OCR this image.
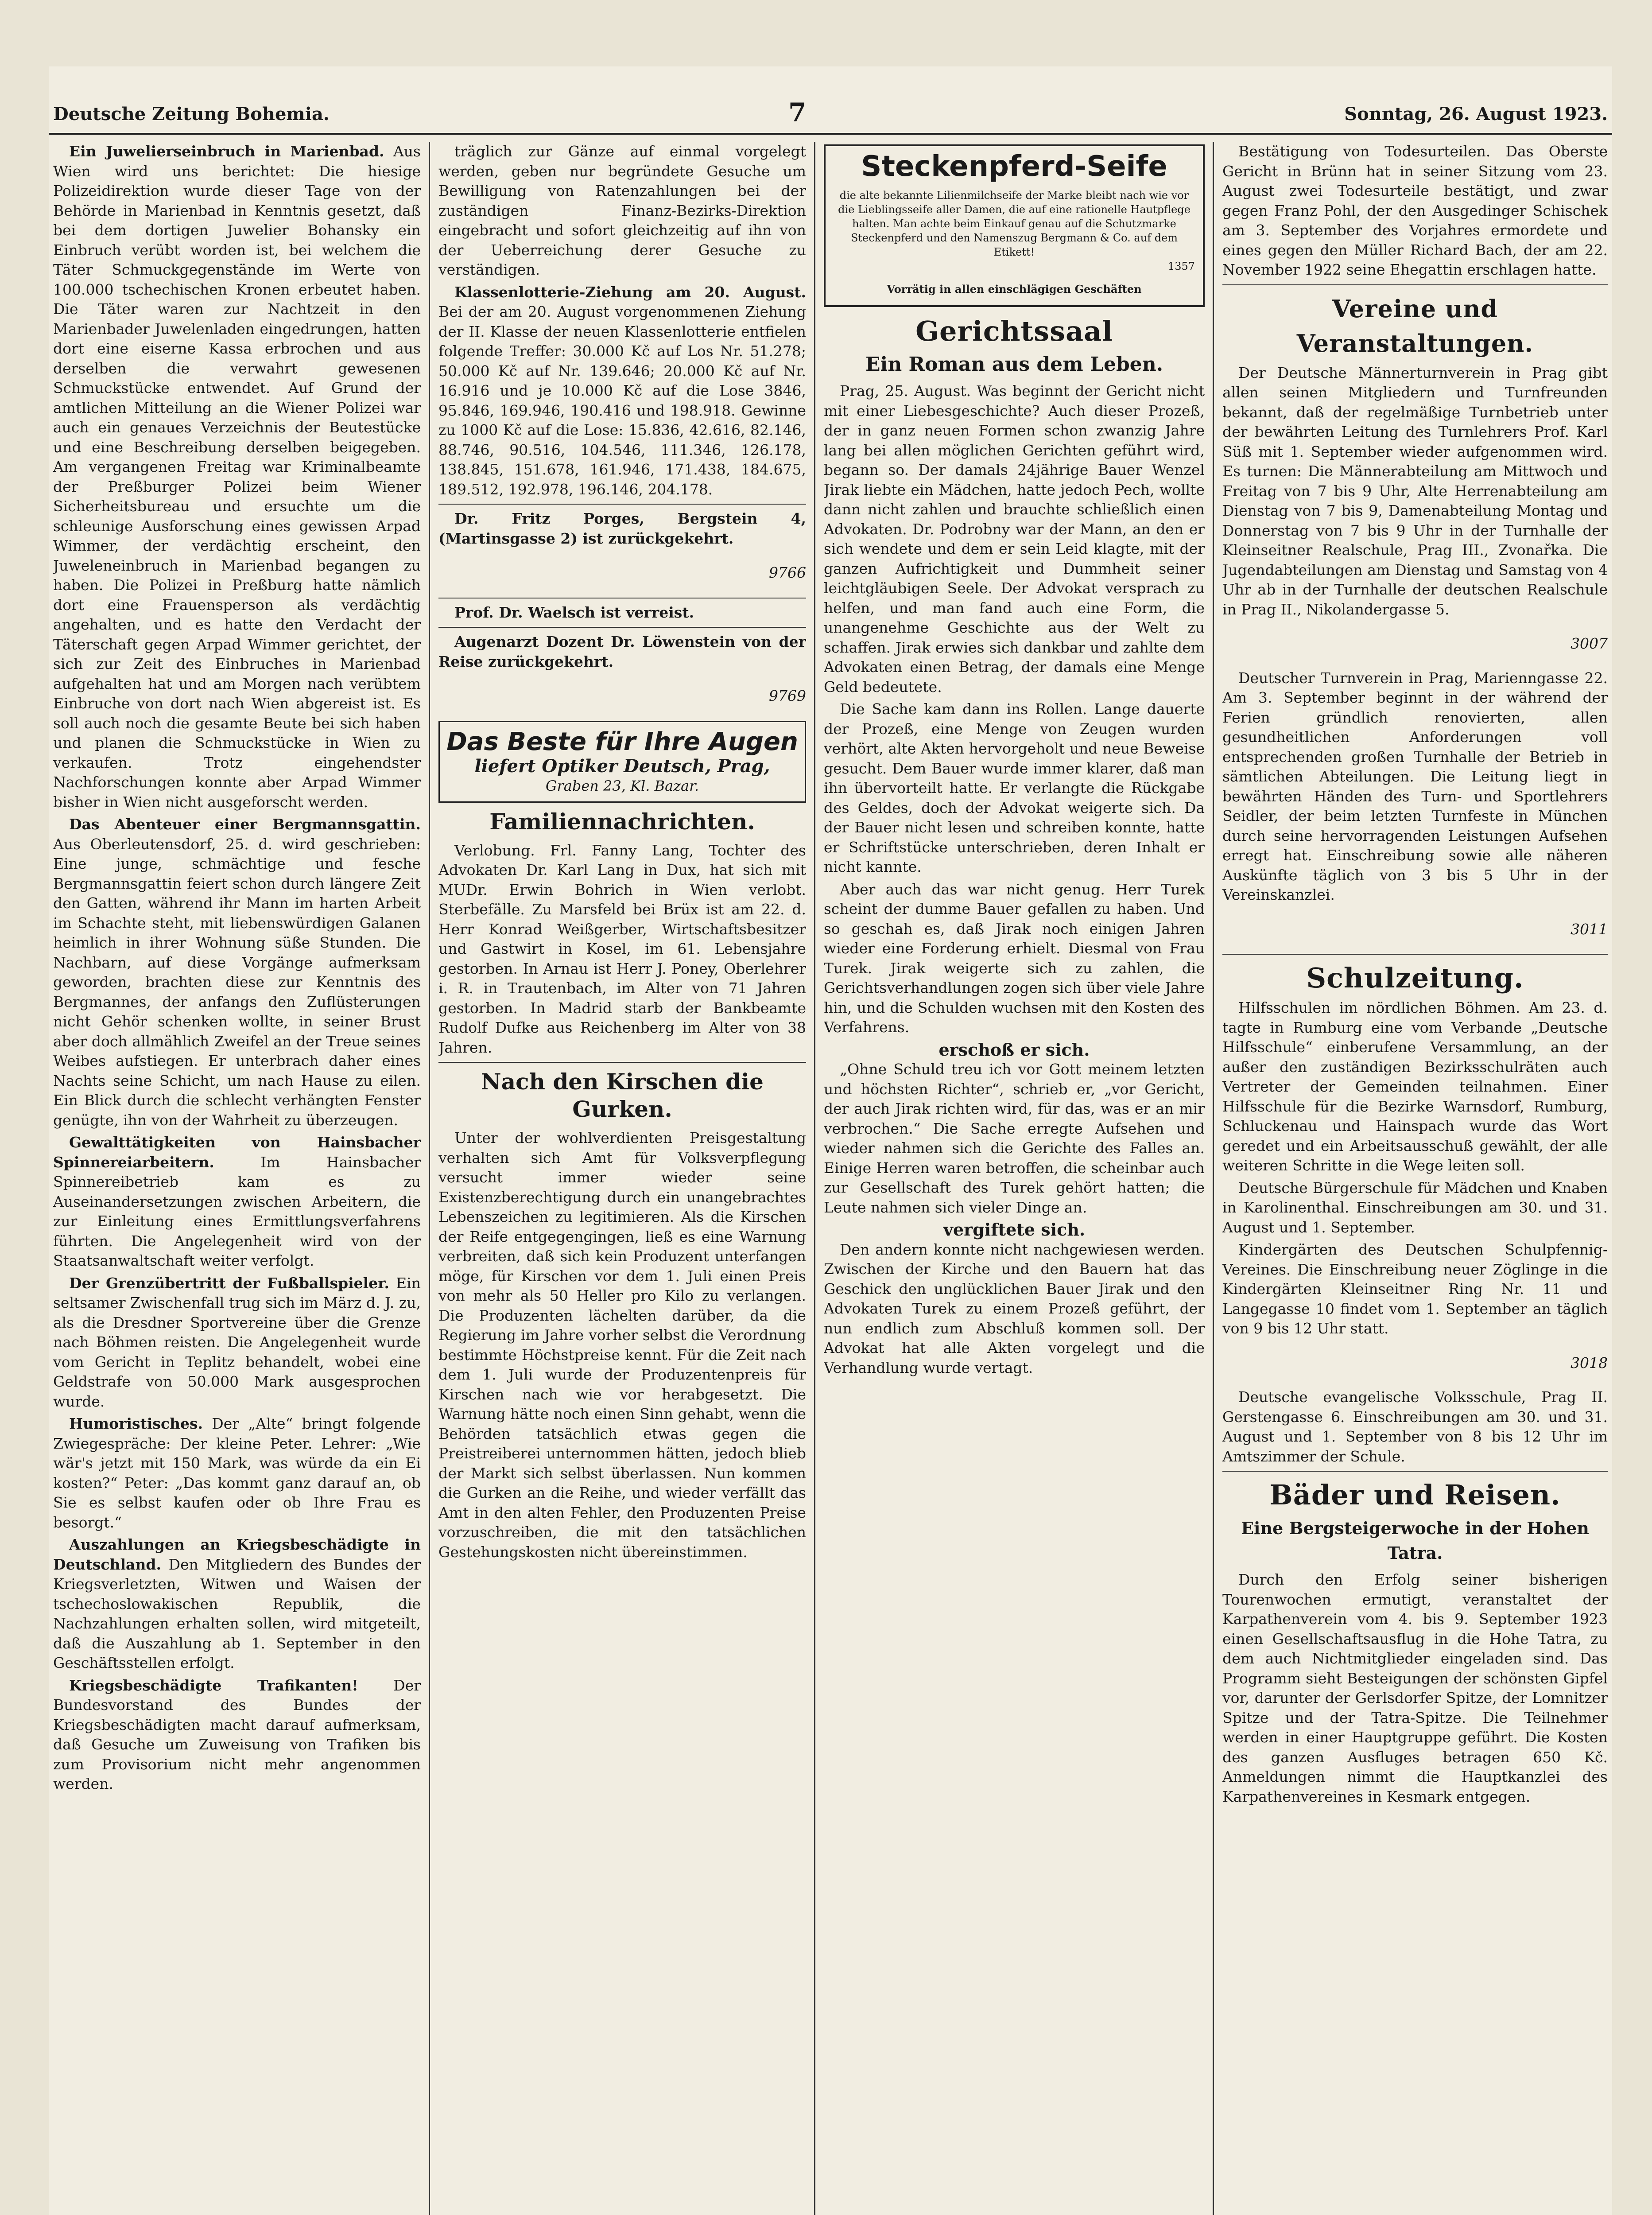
Deutsche Zeitung Bohemia.	7	Sonntag, 26. August 1923.

Ein Juwelierseinbruch in Marienbad. Aus Wien wird uns berichtet: Die hiesige Polizeidirektion wurde dieser Tage von der Behörde in Marienbad in Kenntnis gesetzt, daß bei dem dortigen Juwelier Bohansky ein Einbruch verübt worden ist, bei welchem die Täter Schmuckgegenstände im Werte von 100.000 tschechischen Kronen erbeutet haben. Die Täter waren zur Nachtzeit in den Marienbader Juwelenladen eingedrungen, hatten dort eine eiserne Kassa erbrochen und aus derselben die verwahrt gewesenen Schmuckstücke entwendet. Auf Grund der amtlichen Mitteilung an die Wiener Polizei war auch ein genaues Verzeichnis der Beutestücke und eine Beschreibung derselben beigegeben. Am vergangenen Freitag war Kriminalbeamte der Preßburger Polizei beim Wiener Sicherheitsbureau und ersuchte um die schleunige Ausforschung eines gewissen Arpad Wimmer, der verdächtig erscheint, den Juweleneinbruch in Marienbad begangen zu haben. Die Polizei in Preßburg hatte nämlich dort eine Frauensperson als verdächtig angehalten, und es hatte den Verdacht der Täterschaft gegen Arpad Wimmer gerichtet, der sich zur Zeit des Einbruches in Marienbad aufgehalten hat und am Morgen nach verübtem Einbruche von dort nach Wien abgereist ist. Es soll auch noch die gesamte Beute bei sich haben und planen die Schmuckstücke in Wien zu verkaufen. Trotz eingehendster Nachforschungen konnte aber Arpad Wimmer bisher in Wien nicht ausgeforscht werden.

Das Abenteuer einer Bergmannsgattin. Aus Oberleutensdorf, 25. d. wird geschrieben: Eine junge, schmächtige und fesche Bergmannsgattin feiert schon durch längere Zeit den Gatten, während ihr Mann im harten Arbeit im Schachte steht, mit liebenswürdigen Galanen heimlich in ihrer Wohnung süße Stunden. Die Nachbarn, auf diese Vorgänge aufmerksam geworden, brachten diese zur Kenntnis des Bergmannes, der anfangs den Zuflüsterungen nicht Gehör schenken wollte, in seiner Brust aber doch allmählich Zweifel an der Treue seines Weibes aufstiegen. Er unterbrach daher eines Nachts seine Schicht, um nach Hause zu eilen. Ein Blick durch die schlecht verhängten Fenster genügte, ihn von der Wahrheit zu überzeugen.

Gewalttätigkeiten von Hainsbacher Spinnereiarbeitern.	Im Hainsbacher Spinnereibetrieb kam es zu Auseinandersetzungen zwischen Arbeitern, die zur Einleitung eines Ermittlungsverfahrens führten. Die Angelegenheit wird von der Staatsanwaltschaft weiter verfolgt.

Der Grenzübertritt der Fußballspieler. Ein seltsamer Zwischenfall trug sich im März d. J. zu, als die Dresdner Sportvereine über die Grenze nach Böhmen reisten. Die Angelegenheit wurde vom Gericht in Teplitz behandelt, wobei eine Geldstrafe von 50.000 Mark ausgesprochen wurde.

Humoristisches. Der „Alte“ bringt folgende Zwiegespräche: Der kleine Peter. Lehrer: „Wie wär's jetzt mit 150 Mark, was würde da ein Ei kosten?“ Peter: „Das kommt ganz darauf an, ob Sie es selbst kaufen oder ob Ihre Frau es besorgt.“

Auszahlungen an Kriegsbeschädigte in Deutschland. Den Mitgliedern des Bundes der Kriegsverletzten, Witwen und Waisen der tschechoslowakischen Republik, die Nachzahlungen erhalten sollen, wird mitgeteilt, daß die Auszahlung ab 1. September in den Geschäftsstellen erfolgt.

Kriegsbeschädigte Trafikanten! Der Bundesvorstand des Bundes der Kriegsbeschädigten macht darauf aufmerksam, daß Gesuche um Zuweisung von Trafiken bis zum Provisorium nicht mehr angenommen werden.

träglich zur Gänze auf einmal vorgelegt werden, geben nur begründete Gesuche um Bewilligung von Ratenzahlungen bei der zuständigen Finanz-Bezirks-Direktion eingebracht und sofort gleichzeitig auf ihn von der Ueberreichung derer Gesuche zu verständigen.

Klassenlotterie-Ziehung am 20. August. Bei der am 20. August vorgenommenen Ziehung der II. Klasse der neuen Klassenlotterie entfielen folgende Treffer: 30.000 Kč auf Los Nr. 51.278; 50.000 Kč auf Nr. 139.646; 20.000 Kč auf Nr. 16.916 und je 10.000 Kč auf die Lose 3846, 95.846, 169.946, 190.416 und 198.918. Gewinne zu 1000 Kč auf die Lose: 15.836, 42.616, 82.146, 88.746, 90.516, 104.546, 111.346, 126.178, 138.845, 151.678, 161.946, 171.438, 184.675, 189.512, 192.978, 196.146, 204.178.

Dr. Fritz Porges, Bergstein 4, (Martinsgasse 2) ist zurückgekehrt.

9766

Prof. Dr. Waelsch ist verreist.

Augenarzt Dozent Dr. Löwenstein von der Reise zurückgekehrt.

9769

Das Beste für Ihre Augen
liefert Optiker Deutsch, Prag,
Graben 23, Kl. Bazar.
Familiennachrichten.

Verlobung. Frl. Fanny Lang, Tochter des Advokaten Dr. Karl Lang in Dux, hat sich mit MUDr. Erwin Bohrich in Wien verlobt. Sterbefälle. Zu Marsfeld bei Brüx ist am 22. d. Herr Konrad Weißgerber, Wirtschaftsbesitzer und Gastwirt in Kosel, im 61. Lebensjahre gestorben. In Arnau ist Herr J. Poney, Oberlehrer i. R. in Trautenbach, im Alter von 71 Jahren gestorben. In Madrid starb der Bankbeamte Rudolf Dufke aus Reichenberg im Alter von 38 Jahren.

Nach den Kirschen die Gurken.

Unter der wohlverdienten Preisgestaltung verhalten sich Amt für Volksverpflegung versucht immer wieder seine Existenzberechtigung durch ein unangebrachtes Lebenszeichen zu legitimieren. Als die Kirschen der Reife entgegengingen, ließ es eine Warnung verbreiten, daß sich kein Produzent unterfangen möge, für Kirschen vor dem 1. Juli einen Preis von mehr als 50 Heller pro Kilo zu verlangen. Die Produzenten lächelten darüber, da die Regierung im Jahre vorher selbst die Verordnung bestimmte Höchstpreise kennt. Für die Zeit nach dem 1. Juli wurde der Produzentenpreis für Kirschen nach wie vor herabgesetzt. Die Warnung hätte noch einen Sinn gehabt, wenn die Behörden tatsächlich etwas gegen die Preistreiberei unternommen hätten, jedoch blieb der Markt sich selbst überlassen. Nun kommen die Gurken an die Reihe, und wieder verfällt das Amt in den alten Fehler, den Produzenten Preise vorzuschreiben, die mit den tatsächlichen Gestehungskosten nicht übereinstimmen.

Steckenpferd-Seife
die alte bekannte Lilienmilchseife der Marke bleibt nach wie vor die Lieblingsseife aller Damen, die auf eine rationelle Hautpflege halten. Man achte beim Einkauf genau auf die Schutzmarke Steckenpferd und den Namenszug Bergmann & Co. auf dem Etikett!
1357
Vorrätig in allen einschlägigen Geschäften
Gerichtssaal
Ein Roman aus dem Leben.

Prag, 25. August. Was beginnt der Gericht nicht mit einer Liebesgeschichte? Auch dieser Prozeß, der in ganz neuen Formen schon zwanzig Jahre lang bei allen möglichen Gerichten geführt wird, begann so. Der damals 24jährige Bauer Wenzel Jirak liebte ein Mädchen, hatte jedoch Pech, wollte dann nicht zahlen und brauchte schließlich einen Advokaten. Dr. Podrobny war der Mann, an den er sich wendete und dem er sein Leid klagte, mit der ganzen Aufrichtigkeit und Dummheit seiner leichtgläubigen Seele. Der Advokat versprach zu helfen, und man fand auch eine Form, die unangenehme Geschichte aus der Welt zu schaffen. Jirak erwies sich dankbar und zahlte dem Advokaten einen Betrag, der damals eine Menge Geld bedeutete.

Die Sache kam dann ins Rollen. Lange dauerte der Prozeß, eine Menge von Zeugen wurden verhört, alte Akten hervorgeholt und neue Beweise gesucht. Dem Bauer wurde immer klarer, daß man ihn übervorteilt hatte. Er verlangte die Rückgabe des Geldes, doch der Advokat weigerte sich. Da der Bauer nicht lesen und schreiben konnte, hatte er Schriftstücke unterschrieben, deren Inhalt er nicht kannte.

Aber auch das war nicht genug. Herr Turek scheint der dumme Bauer gefallen zu haben. Und so geschah es, daß Jirak noch einigen Jahren wieder eine Forderung erhielt. Diesmal von Frau Turek. Jirak weigerte sich zu zahlen, die Gerichtsverhandlungen zogen sich über viele Jahre hin, und die Schulden wuchsen mit den Kosten des Verfahrens.

erschoß er sich.

„Ohne Schuld treu ich vor Gott meinem letzten und höchsten Richter“, schrieb er, „vor Gericht, der auch Jirak richten wird, für das, was er an mir verbrochen.“ Die Sache erregte Aufsehen und wieder nahmen sich die Gerichte des Falles an. Einige Herren waren betroffen, die scheinbar auch zur Gesellschaft des Turek gehört hatten; die Leute nahmen sich vieler Dinge an.

vergiftete sich.

Den andern konnte nicht nachgewiesen werden. Zwischen der Kirche und den Bauern hat das Geschick den unglücklichen Bauer Jirak und den Advokaten Turek zu einem Prozeß geführt, der nun endlich zum Abschluß kommen soll. Der Advokat hat alle Akten vorgelegt und die Verhandlung wurde vertagt.

Bestätigung von Todesurteilen. Das Oberste Gericht in Brünn hat in seiner Sitzung vom 23. August zwei Todesurteile bestätigt, und zwar gegen Franz Pohl, der den Ausgedinger Schischek am 3. September des Vorjahres ermordete und eines gegen den Müller Richard Bach, der am 22. November 1922 seine Ehegattin erschlagen hatte.

Vereine und Veranstaltungen.

Der Deutsche Männerturnverein in Prag gibt allen seinen Mitgliedern und Turnfreunden bekannt, daß der regelmäßige Turnbetrieb unter der bewährten Leitung des Turnlehrers Prof. Karl Süß mit 1. September wieder aufgenommen wird. Es turnen: Die Männerabteilung am Mittwoch und Freitag von 7 bis 9 Uhr, Alte Herrenabteilung am Dienstag von 7 bis 9, Damenabteilung Montag und Donnerstag von 7 bis 9 Uhr in der Turnhalle der Kleinseitner Realschule, Prag III., Zvonařka. Die Jugendabteilungen am Dienstag und Samstag von 4 Uhr ab in der Turnhalle der deutschen Realschule in Prag II., Nikolandergasse 5.

3007

Deutscher Turnverein in Prag, Marienngasse 22. Am 3. September beginnt in der während der Ferien gründlich renovierten, allen gesundheitlichen Anforderungen voll entsprechenden großen Turnhalle der Betrieb in sämtlichen Abteilungen. Die Leitung liegt in bewährten Händen des Turn- und Sportlehrers Seidler, der beim letzten Turnfeste in München durch seine hervorragenden Leistungen Aufsehen erregt hat. Einschreibung sowie alle näheren Auskünfte täglich von 3 bis 5 Uhr in der Vereinskanzlei.

3011

Schulzeitung.

Hilfsschulen im nördlichen Böhmen. Am 23. d. tagte in Rumburg eine vom Verbande „Deutsche Hilfsschule“ einberufene Versammlung, an der außer den zuständigen Bezirksschulräten auch Vertreter der Gemeinden teilnahmen. Einer Hilfsschule für die Bezirke Warnsdorf, Rumburg, Schluckenau und Hainspach wurde das Wort geredet und ein Arbeitsausschuß gewählt, der alle weiteren Schritte in die Wege leiten soll.

Deutsche Bürgerschule für Mädchen und Knaben in Karolinenthal. Einschreibungen am 30. und 31. August und 1. September.

Kindergärten des Deutschen Schulpfennig-Vereines. Die Einschreibung neuer Zöglinge in die Kindergärten Kleinseitner Ring Nr. 11 und Langegasse 10 findet vom 1. September an täglich von 9 bis 12 Uhr statt.

3018

Deutsche evangelische Volksschule, Prag II. Gerstengasse 6. Einschreibungen am 30. und 31. August und 1. September von 8 bis 12 Uhr im Amtszimmer der Schule.

Bäder und Reisen.
Eine Bergsteigerwoche in der Hohen Tatra.

Durch den Erfolg seiner bisherigen Tourenwochen ermutigt, veranstaltet der Karpathenverein vom 4. bis 9. September 1923 einen Gesellschaftsausflug in die Hohe Tatra, zu dem auch Nichtmitglieder eingeladen sind. Das Programm sieht Besteigungen der schönsten Gipfel vor, darunter der Gerlsdorfer Spitze, der Lomnitzer Spitze und der Tatra-Spitze. Die Teilnehmer werden in einer Hauptgruppe geführt. Die Kosten des ganzen Ausfluges betragen 650 Kč. Anmeldungen nimmt die Hauptkanzlei des Karpathenvereines in Kesmark entgegen.
